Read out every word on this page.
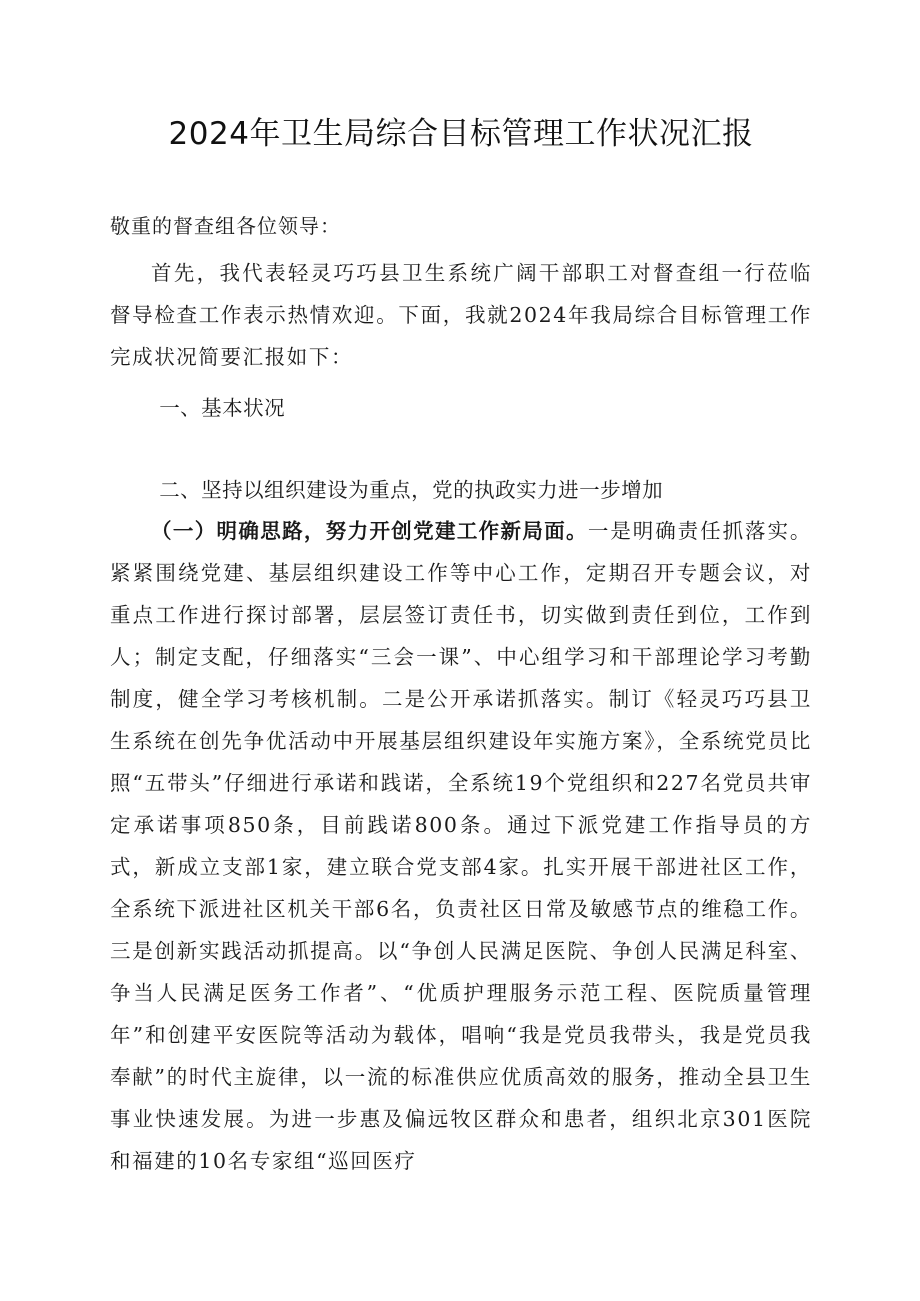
2024年卫生局综合目标管理工作状况汇报
敬重的督查组各位领导：

首先，我代表轻灵巧巧县卫生系统广阔干部职工对督查组一行莅临督导检查工作表示热情欢迎。下面，我就2024年我局综合目标管理工作完成状况简要汇报如下：

一、基本状况

二、坚持以组织建设为重点，党的执政实力进一步增加

（一）明确思路，努力开创党建工作新局面。一是明确责任抓落实。紧紧围绕党建、基层组织建设工作等中心工作，定期召开专题会议，对重点工作进行探讨部署，层层签订责任书，切实做到责任到位，工作到人；制定支配，仔细落实“三会一课”、中心组学习和干部理论学习考勤制度，健全学习考核机制。二是公开承诺抓落实。制订《轻灵巧巧县卫生系统在创先争优活动中开展基层组织建设年实施方案》，全系统党员比照“五带头”仔细进行承诺和践诺，全系统19个党组织和227名党员共审定承诺事项850条，目前践诺800条。通过下派党建工作指导员的方式，新成立支部1家，建立联合党支部4家。扎实开展干部进社区工作，全系统下派进社区机关干部6名，负责社区日常及敏感节点的维稳工作。三是创新实践活动抓提高。以“争创人民满足医院、争创人民满足科室、争当人民满足医务工作者”、“优质护理服务示范工程、医院质量管理年”和创建平安医院等活动为载体，唱响“我是党员我带头，我是党员我奉献”的时代主旋律，以一流的标准供应优质高效的服务，推动全县卫生事业快速发展。为进一步惠及偏远牧区群众和患者，组织北京301医院和福建的10名专家组“巡回医疗
